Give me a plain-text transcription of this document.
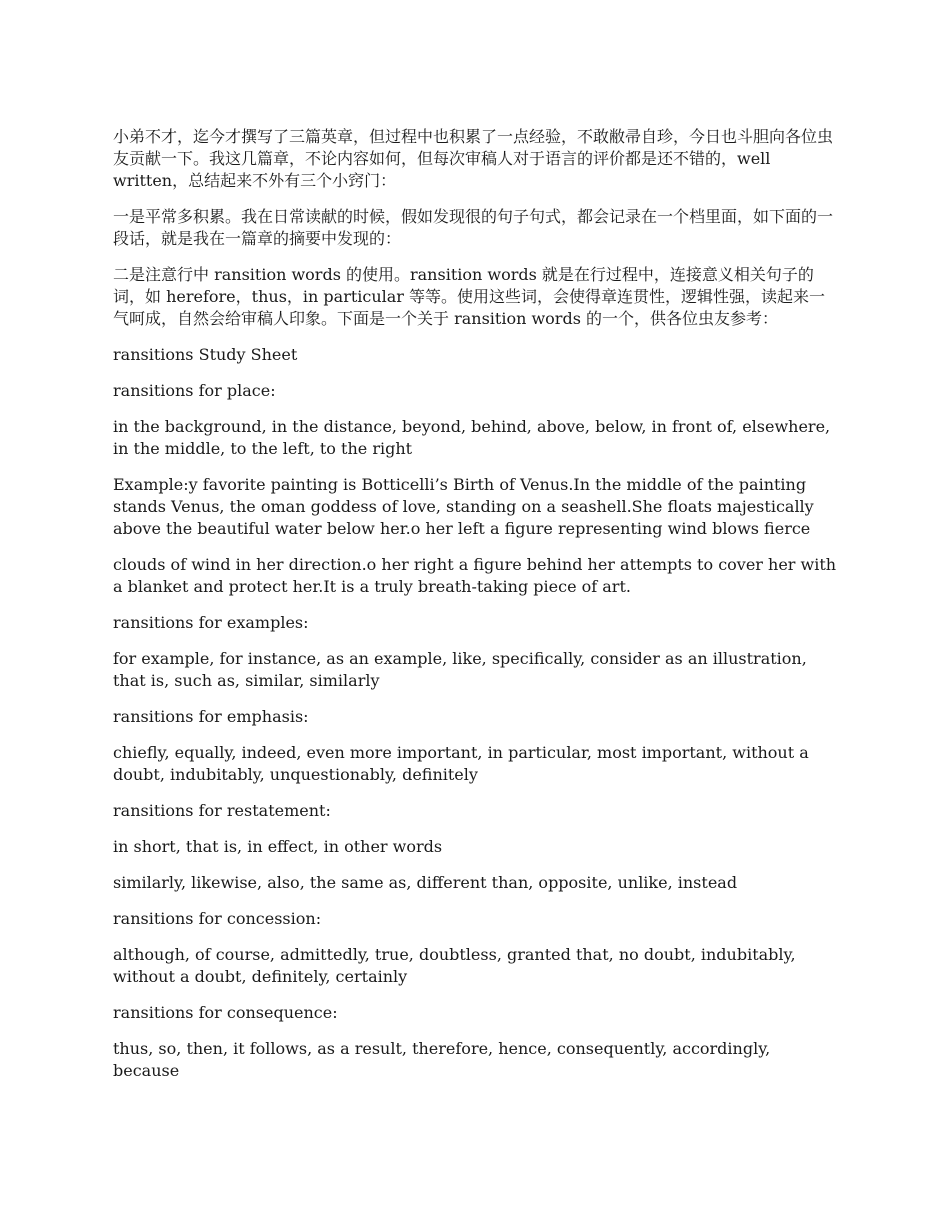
小弟不才，迄今才撰写了三篇英章，但过程中也积累了一点经验，不敢敝帚自珍，今日也斗胆向各位虫友贡献一下。我这几篇章，不论内容如何，但每次审稿人对于语言的评价都是还不错的，well written，总结起来不外有三个小窍门：

一是平常多积累。我在日常读献的时候，假如发现很的句子句式，都会记录在一个档里面，如下面的一段话，就是我在一篇章的摘要中发现的：

二是注意行中 ransition words 的使用。ransition words 就是在行过程中，连接意义相关句子的词，如 herefore，thus，in particular 等等。使用这些词，会使得章连贯性，逻辑性强，读起来一气呵成，自然会给审稿人印象。下面是一个关于 ransition words 的一个，供各位虫友参考：

ransitions Study Sheet

ransitions for place:

in the background, in the distance, beyond, behind, above, below, in front of, elsewhere, in the middle, to the left, to the right

Example:y favorite painting is Botticelli’s Birth of Venus.In the middle of the painting stands Venus, the oman goddess of love, standing on a seashell.She floats majestically above the beautiful water below her.o her left a figure representing wind blows fierce

clouds of wind in her direction.o her right a figure behind her attempts to cover her with a blanket and protect her.It is a truly breath-taking piece of art.

ransitions for examples:

for example, for instance, as an example, like, specifically, consider as an illustration, that is, such as, similar, similarly

ransitions for emphasis:

chiefly, equally, indeed, even more important, in particular, most important, without a doubt, indubitably, unquestionably, definitely

ransitions for restatement:

in short, that is, in effect, in other words

similarly, likewise, also, the same as, different than, opposite, unlike, instead

ransitions for concession:

although, of course, admittedly, true, doubtless, granted that, no doubt, indubitably, without a doubt, definitely, certainly

ransitions for consequence:

thus, so, then, it follows, as a result, therefore, hence, consequently, accordingly, because
